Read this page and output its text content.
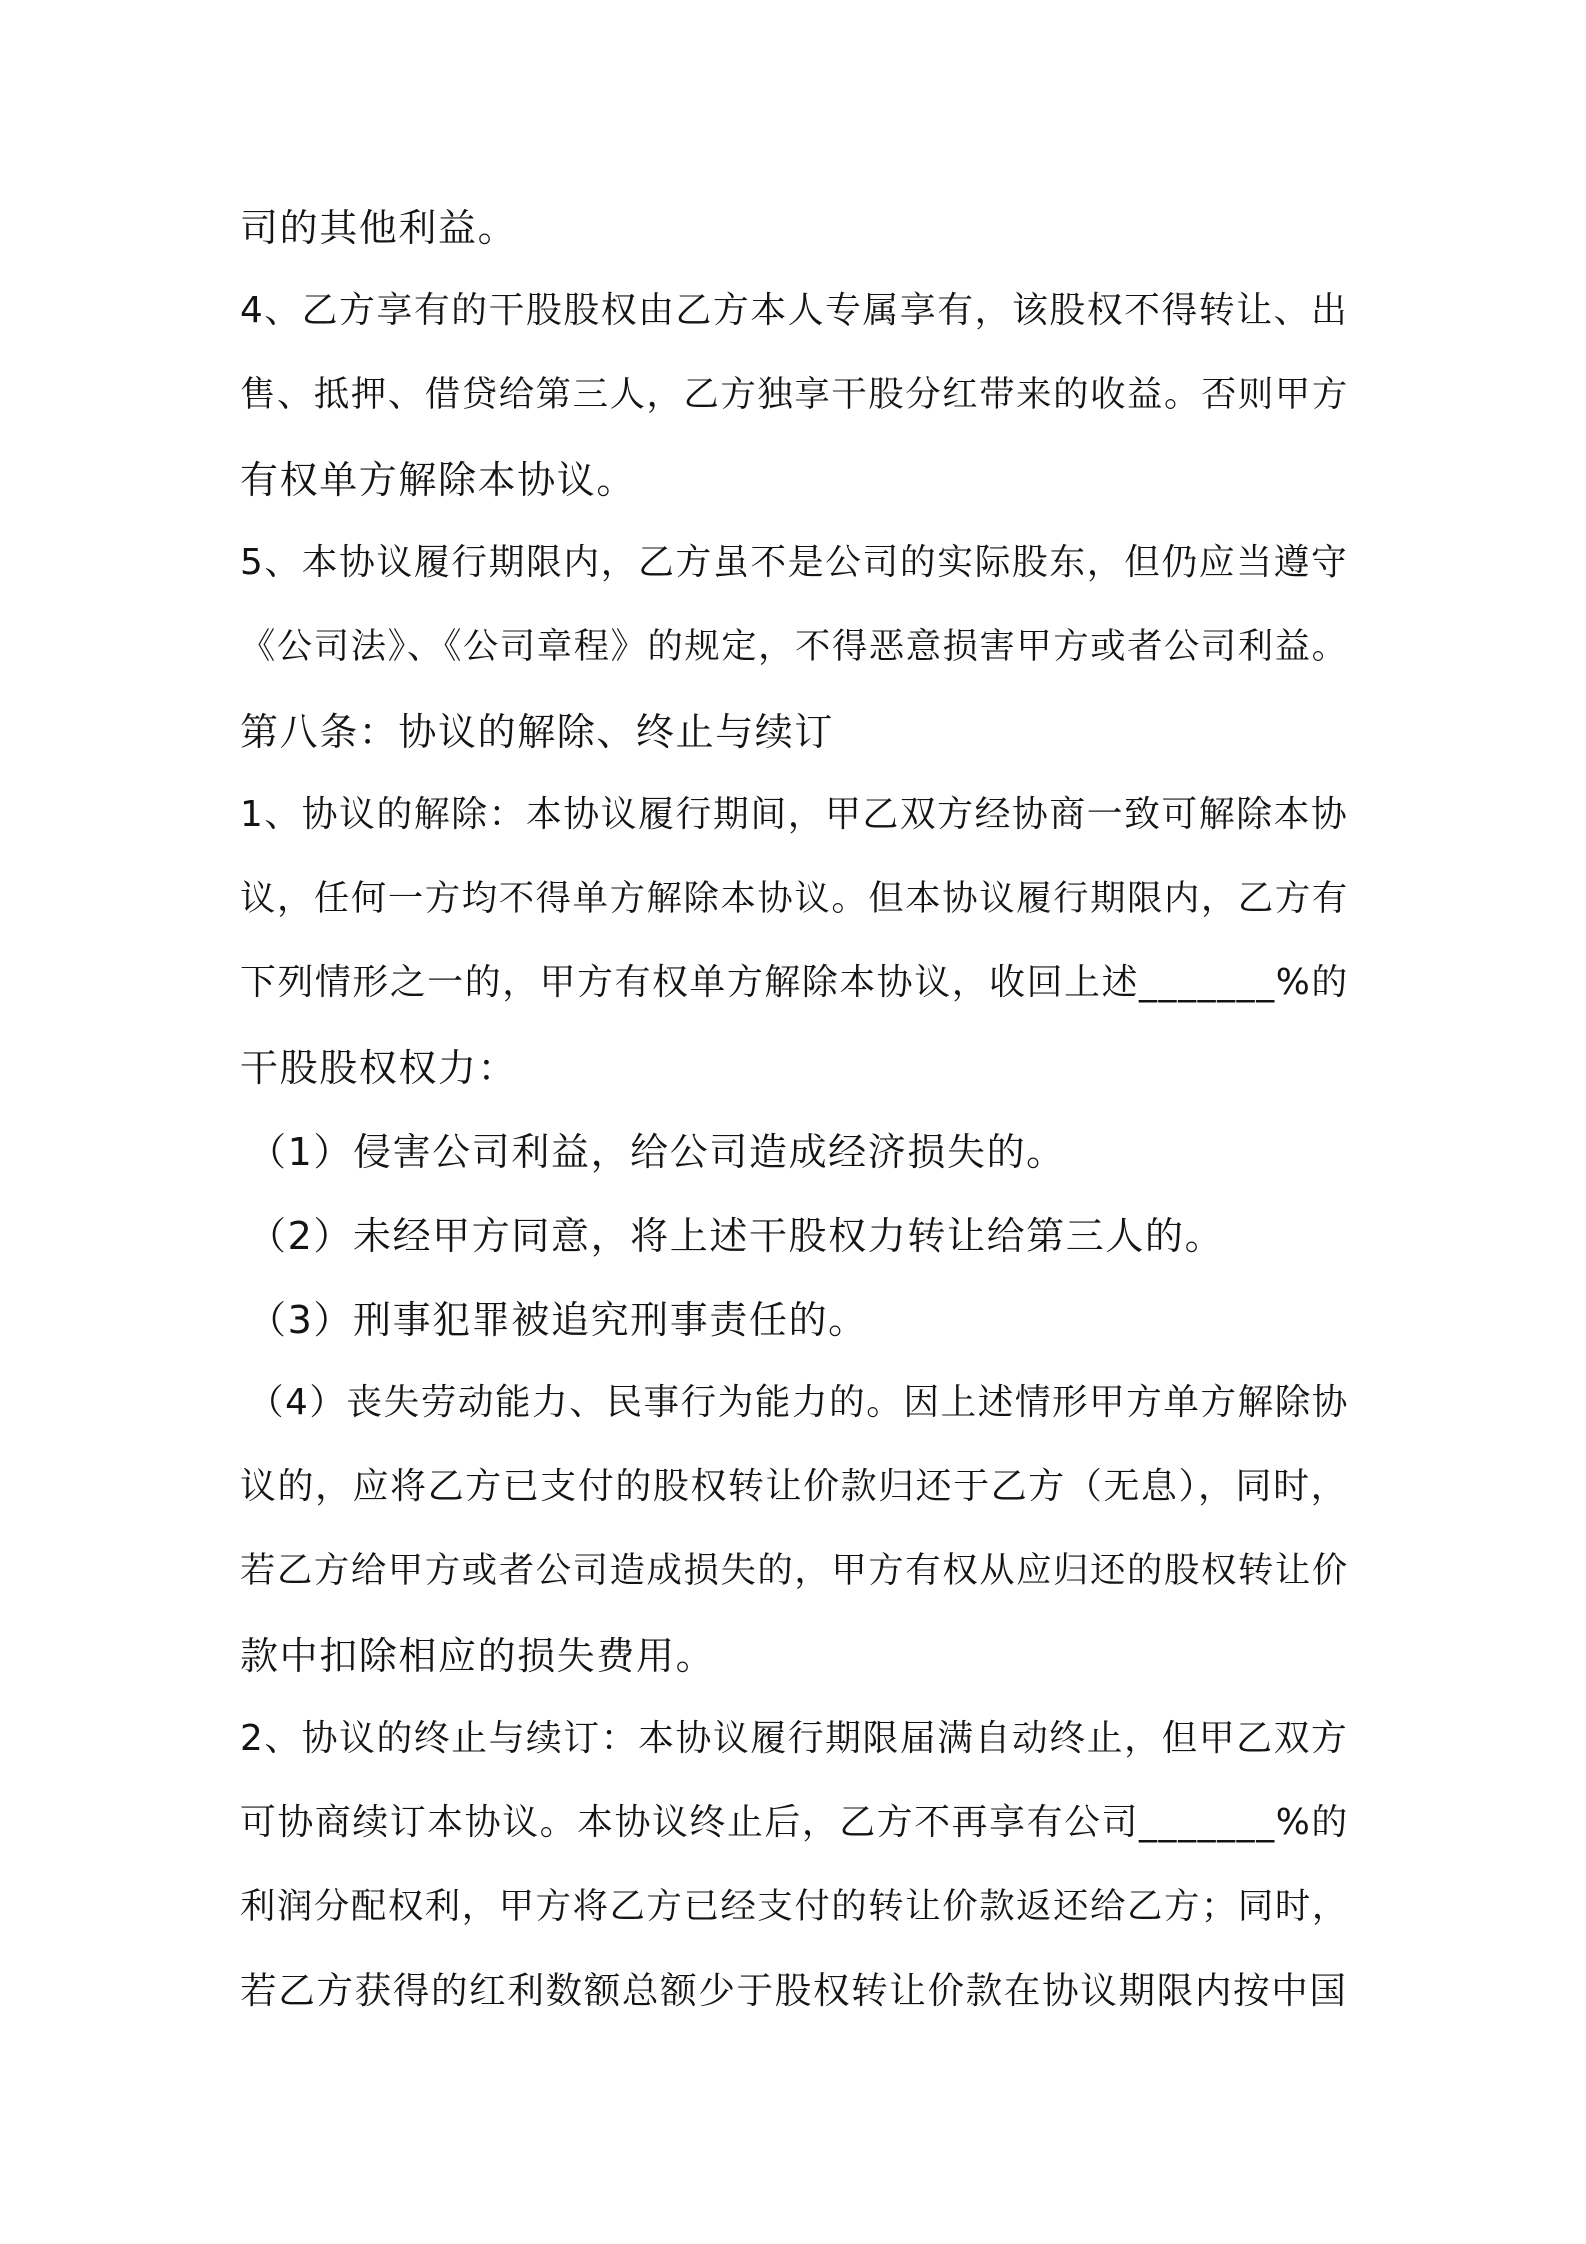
司的其他利益。

4、乙方享有的干股股权由乙方本人专属享有，该股权不得转让、出

售、抵押、借贷给第三人，乙方独享干股分红带来的收益。否则甲方

有权单方解除本协议。

5、本协议履行期限内，乙方虽不是公司的实际股东，但仍应当遵守

《公司法》、《公司章程》的规定，不得恶意损害甲方或者公司利益。

第八条：协议的解除、终止与续订

1、协议的解除：本协议履行期间，甲乙双方经协商一致可解除本协

议，任何一方均不得单方解除本协议。但本协议履行期限内，乙方有

下列情形之一的，甲方有权单方解除本协议，收回上述_______%的

干股股权权力：

（1）侵害公司利益，给公司造成经济损失的。

（2）未经甲方同意，将上述干股权力转让给第三人的。

（3）刑事犯罪被追究刑事责任的。

（4）丧失劳动能力、民事行为能力的。因上述情形甲方单方解除协

议的，应将乙方已支付的股权转让价款归还于乙方（无息），同时，

若乙方给甲方或者公司造成损失的，甲方有权从应归还的股权转让价

款中扣除相应的损失费用。

2、协议的终止与续订：本协议履行期限届满自动终止，但甲乙双方

可协商续订本协议。本协议终止后，乙方不再享有公司_______%的

利润分配权利，甲方将乙方已经支付的转让价款返还给乙方；同时，

若乙方获得的红利数额总额少于股权转让价款在协议期限内按中国
